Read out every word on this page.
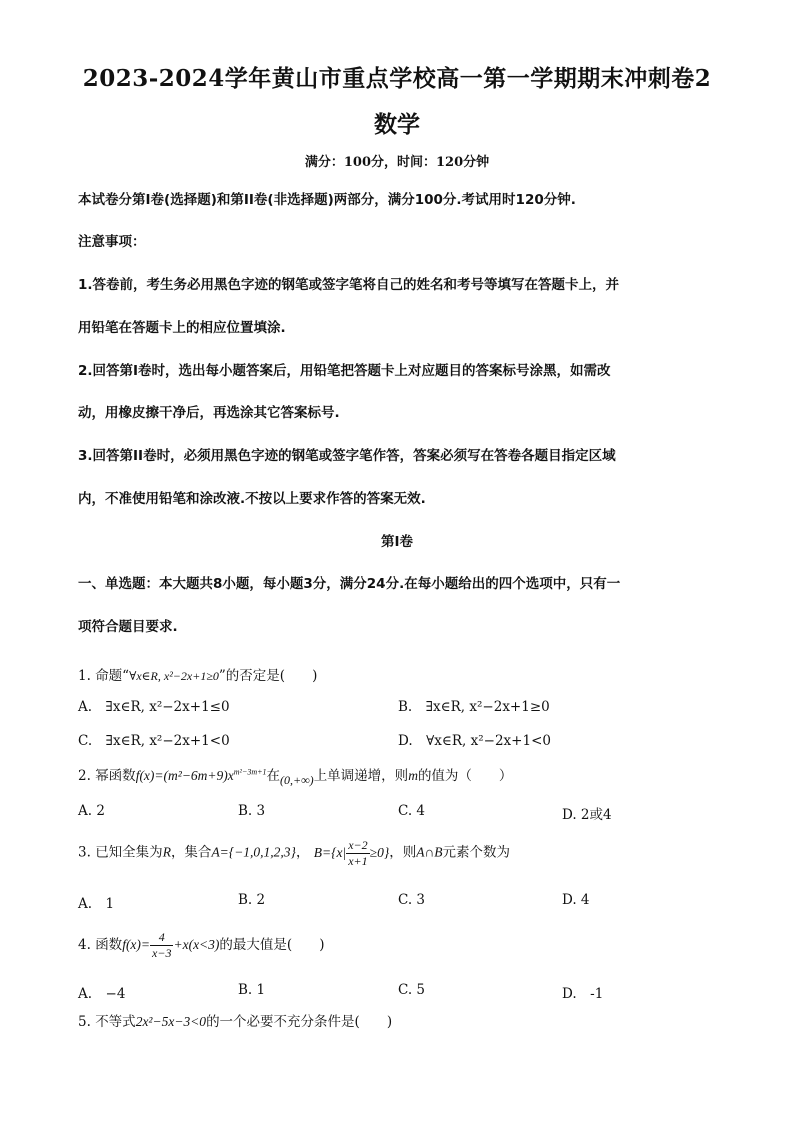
2023-2024学年黄山市重点学校高一第一学期期末冲刺卷2
数学
满分：100分，时间：120分钟
本试卷分第I卷(选择题)和第II卷(非选择题)两部分，满分100分.考试用时120分钟.
注意事项：
1.答卷前，考生务必用黑色字迹的钢笔或签字笔将自己的姓名和考号等填写在答题卡上，并
用铅笔在答题卡上的相应位置填涂.
2.回答第Ⅰ卷时，选出每小题答案后，用铅笔把答题卡上对应题目的答案标号涂黑，如需改
动，用橡皮擦干净后，再选涂其它答案标号.
3.回答第II卷时，必须用黑色字迹的钢笔或签字笔作答，答案必须写在答卷各题目指定区域
内，不准使用铅笔和涂改液.不按以上要求作答的答案无效.
第I卷
一、单选题：本大题共8小题，每小题3分，满分24分.在每小题给出的四个选项中，只有一
项符合题目要求.
1. 命题“∀x∈R, x²−2x+1≥0”的否定是(　　)
A.　∃x∈R, x²−2x+1≤0	B.　∃x∈R, x²−2x+1≥0
C.　∃x∈R, x²−2x+1<0	D.　∀x∈R, x²−2x+1<0
2. 幂函数$f(x)=(m^2-6m+9)x^{m^2-3m+1}$在(0,+∞)上单调递增，则m的值为（　　）
A. 2	B. 3	C. 4	D. 2或4
3. 已知全集为R，集合A={−1,0,1,2,3}， $B=\{x| \frac{x-2}{x+1} \ge 0\}$，则A∩B元素个数为
A.　1	B. 2	C. 3	D. 4
4. 函数$f(x)= \frac{4}{x-3} +x(x<3)$的最大值是(　　)
A.　−4	B. 1	C. 5	D.　-1
5. 不等式2x²−5x−3<0的一个必要不充分条件是(　　)
